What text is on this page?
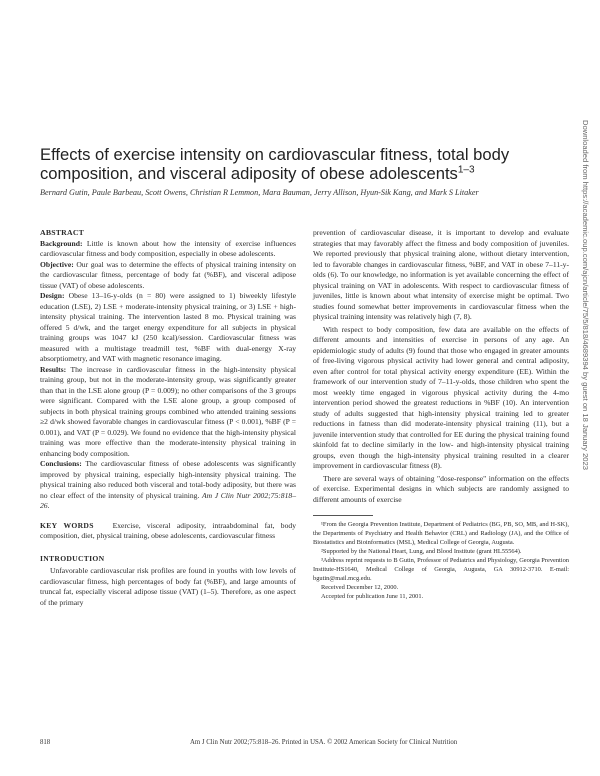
Effects of exercise intensity on cardiovascular fitness, total body composition, and visceral adiposity of obese adolescents$^{1-3}$
Bernard Gutin, Paule Barbeau, Scott Owens, Christian R Lemmon, Mara Bauman, Jerry Allison, Hyun-Sik Kang, and Mark S Litaker
ABSTRACT

Background: Little is known about how the intensity of exercise influences cardiovascular fitness and body composition, especially in obese adolescents.

Objective: Our goal was to determine the effects of physical training intensity on the cardiovascular fitness, percentage of body fat (%BF), and visceral adipose tissue (VAT) of obese adolescents.

Design: Obese 13–16-y-olds (n = 80) were assigned to 1) biweekly lifestyle education (LSE), 2) LSE + moderate-intensity physical training, or 3) LSE + high-intensity physical training. The intervention lasted 8 mo. Physical training was offered 5 d/wk, and the target energy expenditure for all subjects in physical training groups was 1047 kJ (250 kcal)/session. Cardiovascular fitness was measured with a multistage treadmill test, %BF with dual-energy X-ray absorptiometry, and VAT with magnetic resonance imaging.

Results: The increase in cardiovascular fitness in the high-intensity physical training group, but not in the moderate-intensity group, was significantly greater than that in the LSE alone group (P = 0.009); no other comparisons of the 3 groups were significant. Compared with the LSE alone group, a group composed of subjects in both physical training groups combined who attended training sessions ≥2 d/wk showed favorable changes in cardiovascular fitness (P < 0.001), %BF (P = 0.001), and VAT (P = 0.029). We found no evidence that the high-intensity physical training was more effective than the moderate-intensity physical training in enhancing body composition.

Conclusions: The cardiovascular fitness of obese adolescents was significantly improved by physical training, especially high-intensity physical training. The physical training also reduced both visceral and total-body adiposity, but there was no clear effect of the intensity of physical training. Am J Clin Nutr 2002;75:818–26.

KEY WORDS Exercise, visceral adiposity, intraabdominal fat, body composition, diet, physical training, obese adolescents, cardiovascular fitness
INTRODUCTION

Unfavorable cardiovascular risk profiles are found in youths with low levels of cardiovascular fitness, high percentages of body fat (%BF), and large amounts of truncal fat, especially visceral adipose tissue (VAT) (1–5). Therefore, as one aspect of the primary

prevention of cardiovascular disease, it is important to develop and evaluate strategies that may favorably affect the fitness and body composition of juveniles. We reported previously that physical training alone, without dietary intervention, led to favorable changes in cardiovascular fitness, %BF, and VAT in obese 7–11-y-olds (6). To our knowledge, no information is yet available concerning the effect of physical training on VAT in adolescents. With respect to cardiovascular fitness of juveniles, little is known about what intensity of exercise might be optimal. Two studies found somewhat better improvements in cardiovascular fitness when the physical training intensity was relatively high (7, 8).

With respect to body composition, few data are available on the effects of different amounts and intensities of exercise in persons of any age. An epidemiologic study of adults (9) found that those who engaged in greater amounts of free-living vigorous physical activity had lower general and central adiposity, even after control for total physical activity energy expenditure (EE). Within the framework of our intervention study of 7–11-y-olds, those children who spent the most weekly time engaged in vigorous physical activity during the 4-mo intervention period showed the greatest reductions in %BF (10). An intervention study of adults suggested that high-intensity physical training led to greater reductions in fatness than did moderate-intensity physical training (11), but a juvenile intervention study that controlled for EE during the physical training found skinfold fat to decline similarly in the low- and high-intensity physical training groups, even though the high-intensity physical training resulted in a clearer improvement in cardiovascular fitness (8).

There are several ways of obtaining "dose-response" information on the effects of exercise. Experimental designs in which subjects are randomly assigned to different amounts of exercise

¹From the Georgia Prevention Institute, Department of Pediatrics (BG, PB, SO, MB, and H-SK), the Departments of Psychiatry and Health Behavior (CRL) and Radiology (JA), and the Office of Biostatistics and Bioinformatics (MSL), Medical College of Georgia, Augusta.

²Supported by the National Heart, Lung, and Blood Institute (grant HL55564).

³Address reprint requests to B Gutin, Professor of Pediatrics and Physiology, Georgia Prevention Institute-HS1640, Medical College of Georgia, Augusta, GA 30912-3710. E-mail: bgutin@mail.mcg.edu.

Received December 12, 2000.

Accepted for publication June 11, 2001.

818	Am J Clin Nutr 2002;75:818–26. Printed in USA. © 2002 American Society for Clinical Nutrition
Downloaded from https://academic.oup.com/ajcn/article/75/5/818/4689394 by guest on 18 January 2023
